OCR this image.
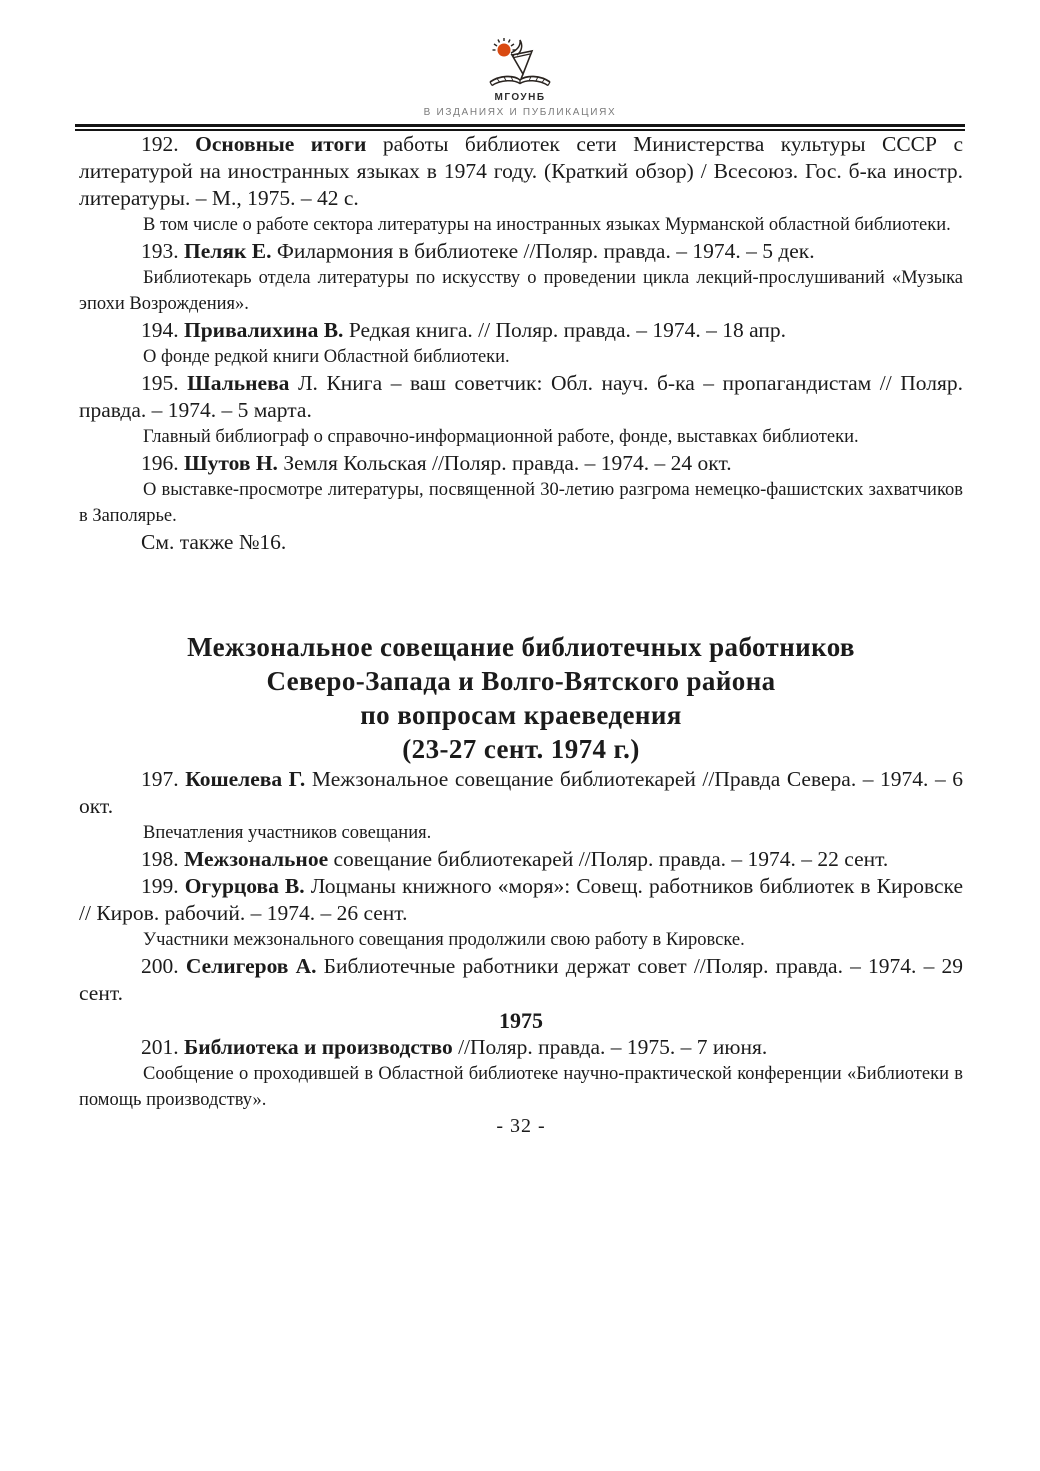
МГОУНБ
В ИЗДАНИЯХ И ПУБЛИКАЦИЯХ

192. Основные итоги работы библиотек сети Министерства культуры СССР с литературой на иностранных языках в 1974 году. (Краткий обзор) / Всесоюз. Гос. б-ка иностр. литературы. – М., 1975. – 42 с.

В том числе о работе сектора литературы на иностранных языках Мурманской областной библиотеки.

193. Пеляк Е. Филармония в библиотеке //Поляр. правда. – 1974. – 5 дек.

Библиотекарь отдела литературы по искусству о проведении цикла лекций-прослушиваний «Музыка эпохи Возрождения».

194. Привалихина В. Редкая книга. // Поляр. правда. – 1974. – 18 апр.

О фонде редкой книги Областной библиотеки.

195. Шальнева Л. Книга – ваш советчик: Обл. науч. б-ка – пропагандистам // Поляр. правда. – 1974. – 5 марта.

Главный библиограф о справочно-информационной работе, фонде, выставках библиотеки.

196. Шутов Н. Земля Кольская //Поляр. правда. – 1974. – 24 окт.

О выставке-просмотре литературы, посвященной 30-летию разгрома немецко-фашистских захватчиков в Заполярье.

См. также №16.

Межзональное совещание библиотечных работников
Северо-Запада и Волго-Вятского района
по вопросам краеведения
(23-27 сент. 1974 г.)

197. Кошелева Г. Межзональное совещание библиотекарей //Правда Севера. – 1974. – 6 окт.

Впечатления участников совещания.

198. Межзональное совещание библиотекарей //Поляр. правда. – 1974. – 22 сент.

199. Огурцова В. Лоцманы книжного «моря»: Совещ. работников библиотек в Кировске // Киров. рабочий. – 1974. – 26 сент.

Участники межзонального совещания продолжили свою работу в Кировске.

200. Селигеров А. Библиотечные работники держат совет //Поляр. правда. – 1974. – 29 сент.

1975

201. Библиотека и производство //Поляр. правда. – 1975. – 7 июня.

Сообщение о проходившей в Областной библиотеке научно-практической конференции «Библиотеки в помощь производству».

- 32 -
